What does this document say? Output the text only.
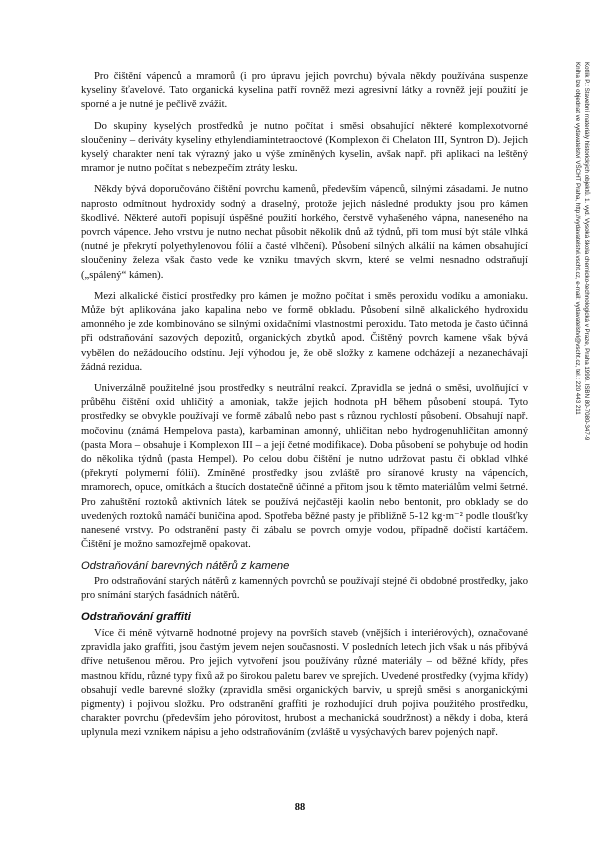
Pro čištění vápenců a mramorů (i pro úpravu jejich povrchu) bývala někdy používána suspenze kyseliny šťavelové. Tato organická kyselina patří rovněž mezi agresivní látky a rovněž její použití je sporné a je nutné je pečlivě zvážit.

Do skupiny kyselých prostředků je nutno počítat i směsi obsahující některé komplexotvorné sloučeniny – deriváty kyseliny ethylendiamintetraoctové (Komplexon či Chelaton III, Syntron D). Jejich kyselý charakter není tak výrazný jako u výše zmíněných kyselin, avšak např. při aplikaci na leštěný mramor je nutno počítat s nebezpečím ztráty lesku.

Někdy bývá doporučováno čištění povrchu kamenů, především vápenců, silnými zásadami. Je nutno naprosto odmítnout hydroxidy sodný a draselný, protože jejich následné produkty jsou pro kámen škodlivé. Některé autoři popisují úspěšné použití horkého, čerstvě vyhašeného vápna, naneseného na povrch vápence. Jeho vrstvu je nutno nechat působit několik dnů až týdnů, při tom musí být stále vlhká (nutné je překrytí polyethylenovou fólií a časté vlhčení). Působení silných alkálií na kámen obsahující sloučeniny železa však často vede ke vzniku tmavých skvrn, které se velmi nesnadno odstraňují („spálený“ kámen).

Mezi alkalické čisticí prostředky pro kámen je možno počítat i směs peroxidu vodíku a amoniaku. Může být aplikována jako kapalina nebo ve formě obkladu. Působení silně alkalického hydroxidu amonného je zde kombinováno se silnými oxidačními vlastnostmi peroxidu. Tato metoda je často účinná při odstraňování sazových depozitů, organických zbytků apod. Čištěný povrch kamene však bývá vybělen do nežádoucího odstínu. Její výhodou je, že obě složky z kamene odcházejí a nezanechávají žádná rezidua.

Univerzálně použitelné jsou prostředky s neutrální reakcí. Zpravidla se jedná o směsi, uvolňující v průběhu čištění oxid uhličitý a amoniak, takže jejich hodnota pH během působení stoupá. Tyto prostředky se obvykle používají ve formě zábalů nebo past s různou rychlostí působení. Obsahují např. močovinu (známá Hempelova pasta), karbaminan amonný, uhličitan nebo hydrogenuhličitan amonný (pasta Mora – obsahuje i Komplexon III – a její četné modifikace). Doba působení se pohybuje od hodin do několika týdnů (pasta Hempel). Po celou dobu čištění je nutno udržovat pastu či obklad vlhké (překrytí polymerní fólií). Zmíněné prostředky jsou zvláště pro síranové krusty na vápencích, mramorech, opuce, omítkách a štucích dostatečně účinné a přitom jsou k těmto materiálům velmi šetrné. Pro zahuštění roztoků aktivních látek se používá nejčastěji kaolin nebo bentonit, pro obklady se do uvedených roztoků namáčí buničina apod. Spotřeba běžné pasty je přibližně 5-12 kg·m⁻² podle tloušťky nanesené vrstvy. Po odstranění pasty či zábalu se povrch omyje vodou, případně dočistí kartáčem. Čištění je možno samozřejmě opakovat.

Odstraňování barevných nátěrů z kamene

Pro odstraňování starých nátěrů z kamenných povrchů se používají stejné či obdobné prostředky, jako pro snímání starých fasádních nátěrů.

Odstraňování graffiti

Více či méně výtvarně hodnotné projevy na površích staveb (vnějších i interiérových), označované zpravidla jako graffiti, jsou častým jevem nejen současnosti. V posledních letech jich však u nás přibývá dříve netušenou měrou. Pro jejich vytvoření jsou používány různé materiály – od běžné křídy, přes mastnou křídu, různé typy fixů až po širokou paletu barev ve sprejích. Uvedené prostředky (vyjma křídy) obsahují vedle barevné složky (zpravidla směsi organických barviv, u sprejů směsi s anorganickými pigmenty) i pojivou složku. Pro odstranění graffiti je rozhodující druh pojiva použitého prostředku, charakter povrchu (především jeho pórovitost, hrubost a mechanická soudržnost) a někdy i doba, která uplynula mezi vznikem nápisu a jeho odstraňováním (zvláště u vysýchavých barev pojených např.

88
Kotlík P.: Stavební materiály historických objektů. 1. vyd. Vysoká škola chemicko-technologická v Praze, Praha 1999. ISBN 80-7080-347-9
Kniha lze objednat ve vydavatelství VŠCHT Praha, http://vydavatelstvi.vscht.cz, e-mail: vydavatelstvi@vscht.cz, tel.: 220 443 211
